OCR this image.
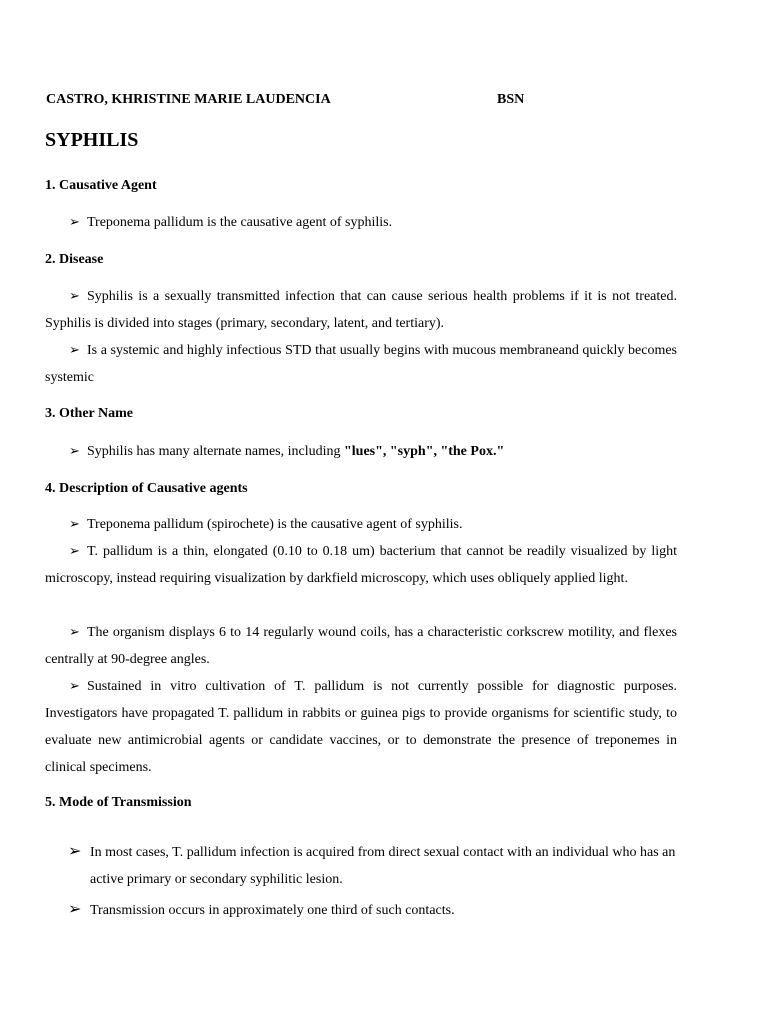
CASTRO, KHRISTINE MARIE LAUDENCIA	BSN
SYPHILIS
1. Causative Agent
➢ Treponema pallidum is the causative agent of syphilis.
2. Disease
➢ Syphilis is a sexually transmitted infection that can cause serious health problems if it is not treated. Syphilis is divided into stages (primary, secondary, latent, and tertiary).
➢ Is a systemic and highly infectious STD that usually begins with mucous membraneand quickly becomes systemic
3. Other Name
➢ Syphilis has many alternate names, including "lues", "syph", "the Pox."
4. Description of Causative agents
➢ Treponema pallidum (spirochete) is the causative agent of syphilis.
➢ T. pallidum is a thin, elongated (0.10 to 0.18 um) bacterium that cannot be readily visualized by light microscopy, instead requiring visualization by darkfield microscopy, which uses obliquely applied light.
➢ The organism displays 6 to 14 regularly wound coils, has a characteristic corkscrew motility, and flexes centrally at 90-degree angles.
➢ Sustained in vitro cultivation of T. pallidum is not currently possible for diagnostic purposes. Investigators have propagated T. pallidum in rabbits or guinea pigs to provide organisms for scientific study, to evaluate new antimicrobial agents or candidate vaccines, or to demonstrate the presence of treponemes in clinical specimens.
5. Mode of Transmission
➢ In most cases, T. pallidum infection is acquired from direct sexual contact with an individual who has an active primary or secondary syphilitic lesion.
➢ Transmission occurs in approximately one third of such contacts.
